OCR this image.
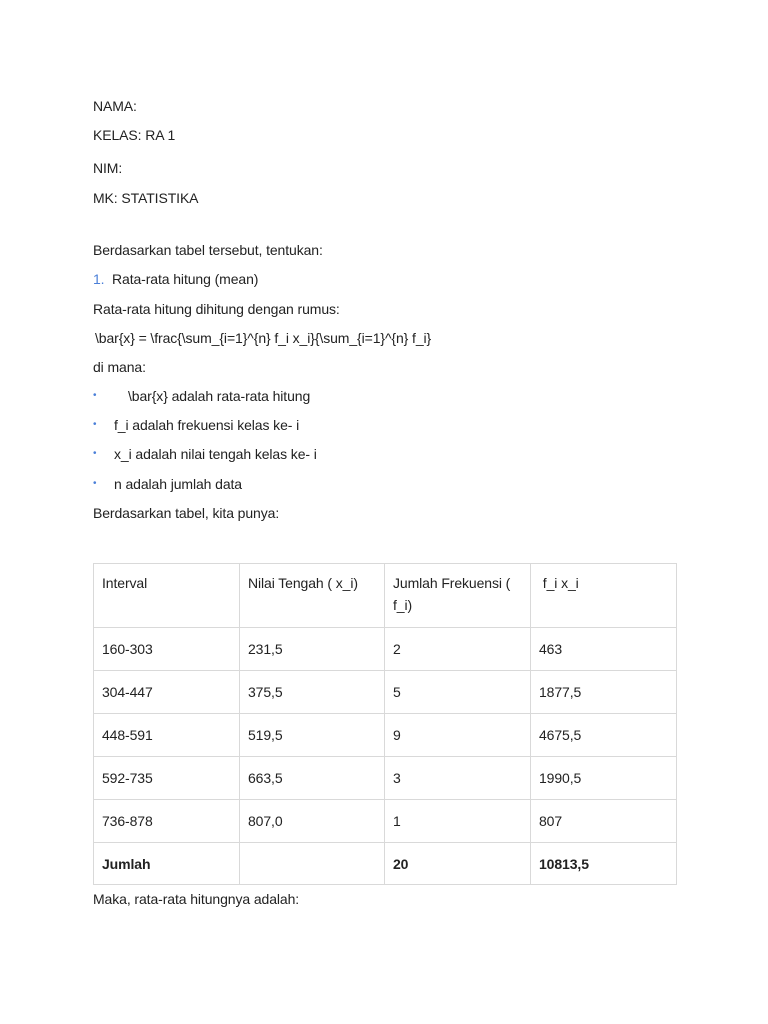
NAMA:
KELAS: RA 1
NIM:
MK: STATISTIKA
Berdasarkan tabel tersebut, tentukan:
1. Rata-rata hitung (mean)
Rata-rata hitung dihitung dengan rumus:
\bar{x} = \frac{\sum_{i=1}^{n} f_i x_i}{\sum_{i=1}^{n} f_i}
di mana:
• \bar{x} adalah rata-rata hitung
• f_i adalah frekuensi kelas ke- i
• x_i adalah nilai tengah kelas ke- i
• n adalah jumlah data
Berdasarkan tabel, kita punya:
Interval	Nilai Tengah ( x_i)	Jumlah Frekuensi ( f_i)	f_i x_i
160-303	231,5	2	463
304-447	375,5	5	1877,5
448-591	519,5	9	4675,5
592-735	663,5	3	1990,5
736-878	807,0	1	807
Jumlah		20	10813,5
Maka, rata-rata hitungnya adalah:
